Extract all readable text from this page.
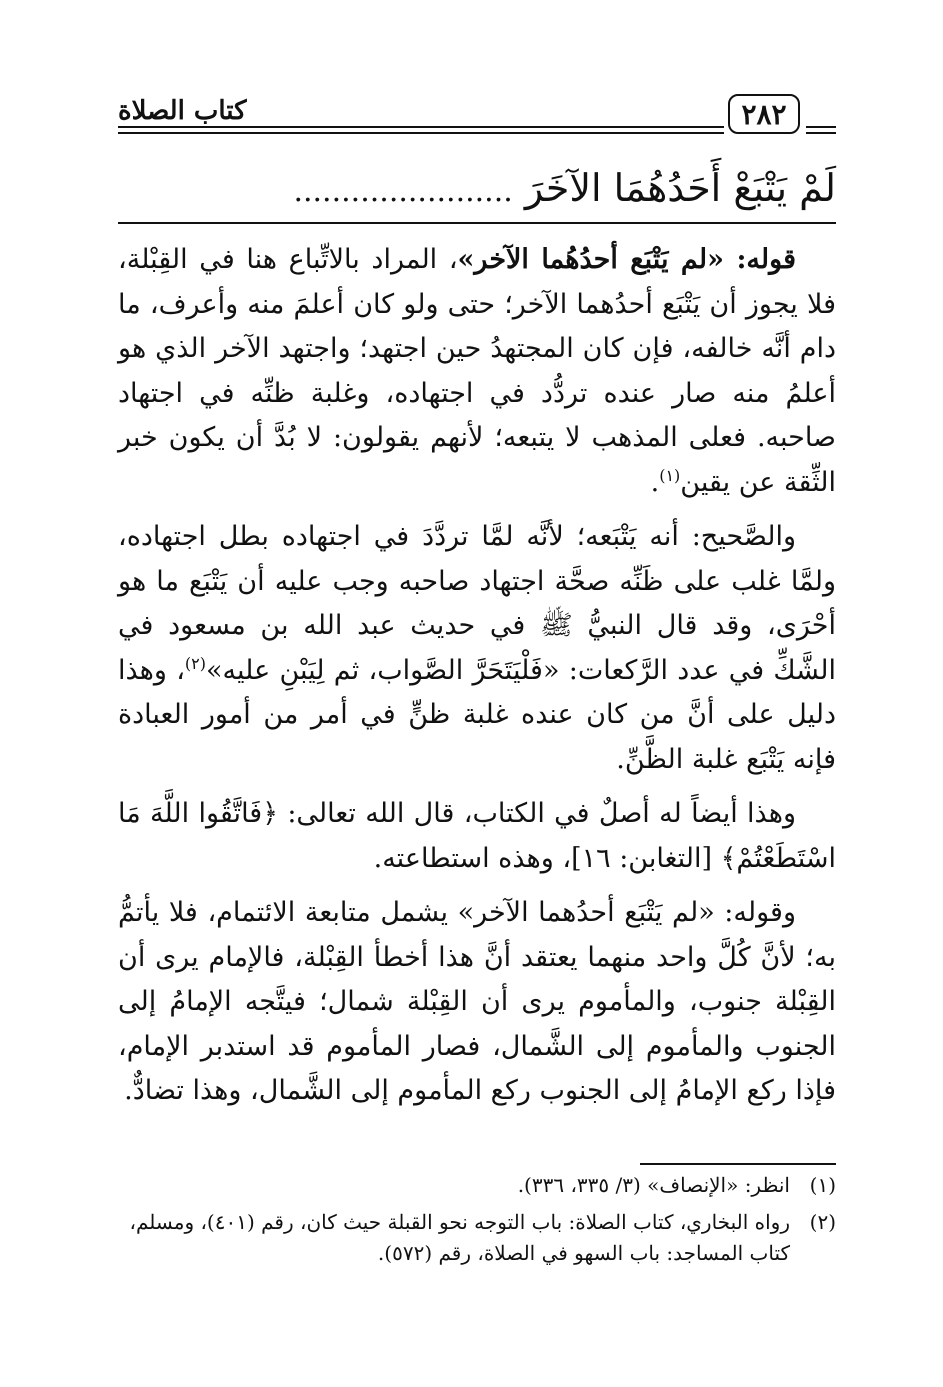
كتاب الصلاة	٢٨٢
لَمْ يَتْبَعْ أَحَدُهُمَا الآخَرَ .......................

قوله: «لم يَتْبَع أحدُهُما الآخر»، المراد بالاتِّباع هنا في القِبْلة، فلا يجوز أن يَتْبَع أحدُهما الآخر؛ حتى ولو كان أعلمَ منه وأعرف، ما دام أنَّه خالفه، فإن كان المجتهدُ حين اجتهد؛ واجتهد الآخر الذي هو أعلمُ منه صار عنده تردُّد في اجتهاده، وغلبة ظنِّه في اجتهاد صاحبه. فعلى المذهب لا يتبعه؛ لأنهم يقولون: لا بُدَّ أن يكون خبر الثِّقة عن يقين$^{(١)}$.

والصَّحيح: أنه يَتْبَعه؛ لأنَّه لمَّا تردَّدَ في اجتهاده بطل اجتهاده، ولمَّا غلب على ظَنِّه صحَّة اجتهاد صاحبه وجب عليه أن يَتْبَع ما هو أحْرَى، وقد قال النبيُّ ﷺ في حديث عبد الله بن مسعود في الشَّكِّ في عدد الرَّكعات: «فَلْيَتَحَرَّ الصَّواب، ثم لِيَبْنِ عليه»$^{(٢)}$، وهذا دليل على أنَّ من كان عنده غلبة ظنٍّ في أمر من أمور العبادة فإنه يَتْبَع غلبة الظَّنِّ.

وهذا أيضاً له أصلٌ في الكتاب، قال الله تعالى: ﴿فَاتَّقُوا اللَّهَ مَا اسْتَطَعْتُمْ﴾ [التغابن: ١٦]، وهذه استطاعته.

وقوله: «لم يَتْبَع أحدُهما الآخر» يشمل متابعة الائتمام، فلا يأتمُّ به؛ لأنَّ كُلَّ واحد منهما يعتقد أنَّ هذا أخطأ القِبْلة، فالإمام يرى أن القِبْلة جنوب، والمأموم يرى أن القِبْلة شمال؛ فيتَّجه الإمامُ إلى الجنوب والمأموم إلى الشَّمال، فصار المأموم قد استدبر الإمام، فإذا ركع الإمامُ إلى الجنوب ركع المأموم إلى الشَّمال، وهذا تضادٌّ.

(١)
انظر: «الإنصاف» (٣/ ٣٣٥، ٣٣٦).
(٢)
رواه البخاري، كتاب الصلاة: باب التوجه نحو القبلة حيث كان، رقم (٤٠١)، ومسلم، كتاب المساجد: باب السهو في الصلاة، رقم (٥٧٢).
